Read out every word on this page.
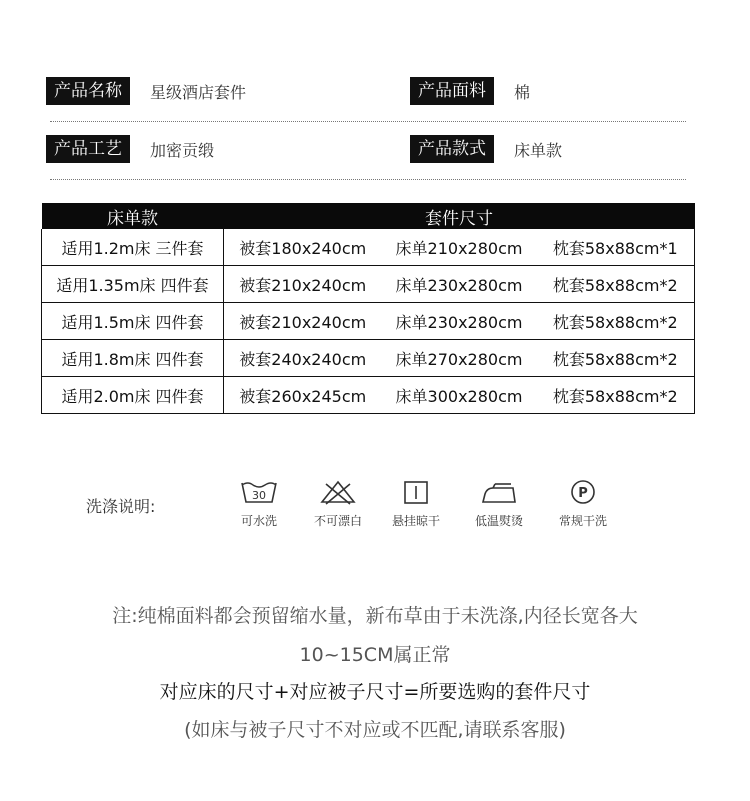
产品名称	星级酒店套件	产品面料	棉
产品工艺	加密贡缎	产品款式	床单款
床单款	套件尺寸		
适用1.2m床 三件套	被套180x240cm	床单210x280cm	枕套58x88cm*1
适用1.35m床 四件套	被套210x240cm	床单230x280cm	枕套58x88cm*2
适用1.5m床 四件套	被套210x240cm	床单230x280cm	枕套58x88cm*2
适用1.8m床 四件套	被套240x240cm	床单270x280cm	枕套58x88cm*2
适用2.0m床 四件套	被套260x245cm	床单300x280cm	枕套58x88cm*2
洗涤说明:
30
可水洗	不可漂白	悬挂晾干	低温熨烫
P
常规干洗
注:纯棉面料都会预留缩水量，新布草由于未洗涤,内径长宽各大
10~15CM属正常
对应床的尺寸+对应被子尺寸=所要选购的套件尺寸
(如床与被子尺寸不对应或不匹配,请联系客服)
